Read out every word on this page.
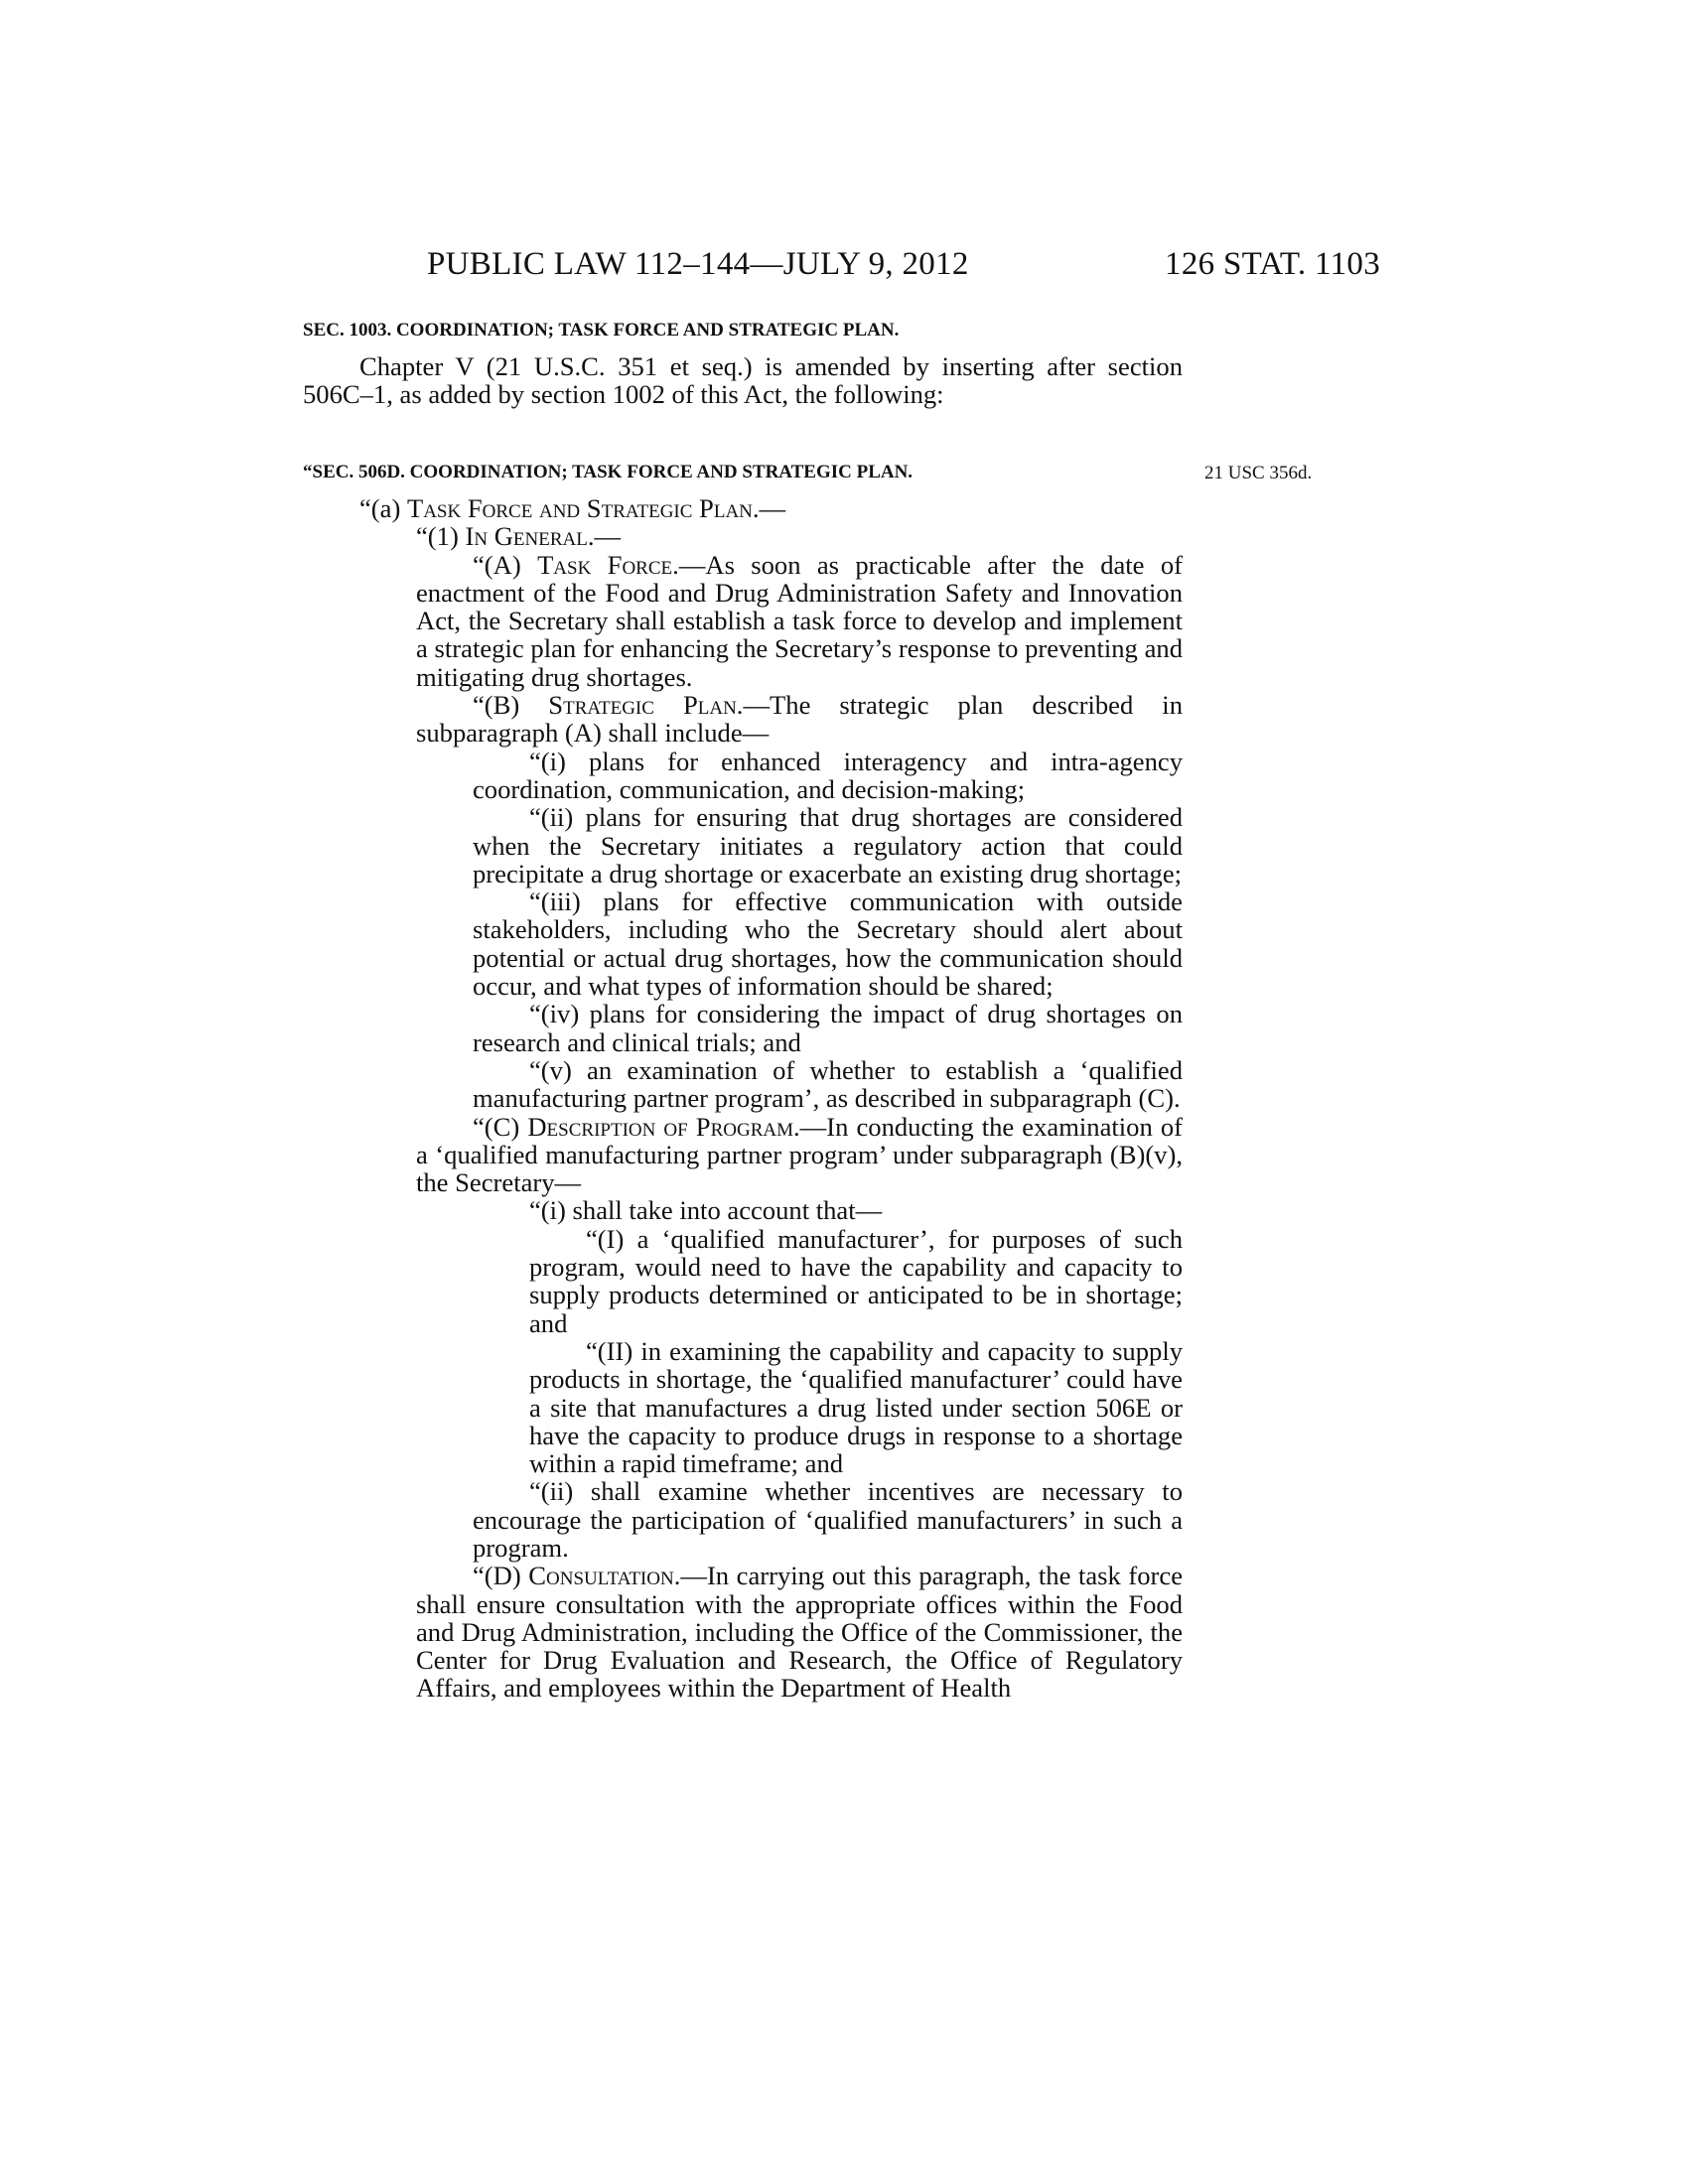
PUBLIC LAW 112–144—JULY 9, 2012	126 STAT. 1103
SEC. 1003. COORDINATION; TASK FORCE AND STRATEGIC PLAN.

Chapter V (21 U.S.C. 351 et seq.) is amended by inserting after section 506C–1, as added by section 1002 of this Act, the following:

“SEC. 506D. COORDINATION; TASK FORCE AND STRATEGIC PLAN.	21 USC 356d.

“(a) Task Force and Strategic Plan.—

“(1) In General.—

“(A) Task Force.—As soon as practicable after the date of enactment of the Food and Drug Administration Safety and Innovation Act, the Secretary shall establish a task force to develop and implement a strategic plan for enhancing the Secretary’s response to preventing and mitigating drug shortages.

“(B) Strategic Plan.—The strategic plan described in subparagraph (A) shall include—

“(i) plans for enhanced interagency and intra-agency coordination, communication, and decision-making;

“(ii) plans for ensuring that drug shortages are considered when the Secretary initiates a regulatory action that could precipitate a drug shortage or exacerbate an existing drug shortage;

“(iii) plans for effective communication with outside stakeholders, including who the Secretary should alert about potential or actual drug shortages, how the communication should occur, and what types of information should be shared;

“(iv) plans for considering the impact of drug shortages on research and clinical trials; and

“(v) an examination of whether to establish a ‘qualified manufacturing partner program’, as described in subparagraph (C).

“(C) Description of Program.—In conducting the examination of a ‘qualified manufacturing partner program’ under subparagraph (B)(v), the Secretary—

“(i) shall take into account that—

“(I) a ‘qualified manufacturer’, for purposes of such program, would need to have the capability and capacity to supply products determined or anticipated to be in shortage; and

“(II) in examining the capability and capacity to supply products in shortage, the ‘qualified manufacturer’ could have a site that manufactures a drug listed under section 506E or have the capacity to produce drugs in response to a shortage within a rapid timeframe; and

“(ii) shall examine whether incentives are necessary to encourage the participation of ‘qualified manufacturers’ in such a program.

“(D) Consultation.—In carrying out this paragraph, the task force shall ensure consultation with the appropriate offices within the Food and Drug Administration, including the Office of the Commissioner, the Center for Drug Evaluation and Research, the Office of Regulatory Affairs, and employees within the Department of Health
